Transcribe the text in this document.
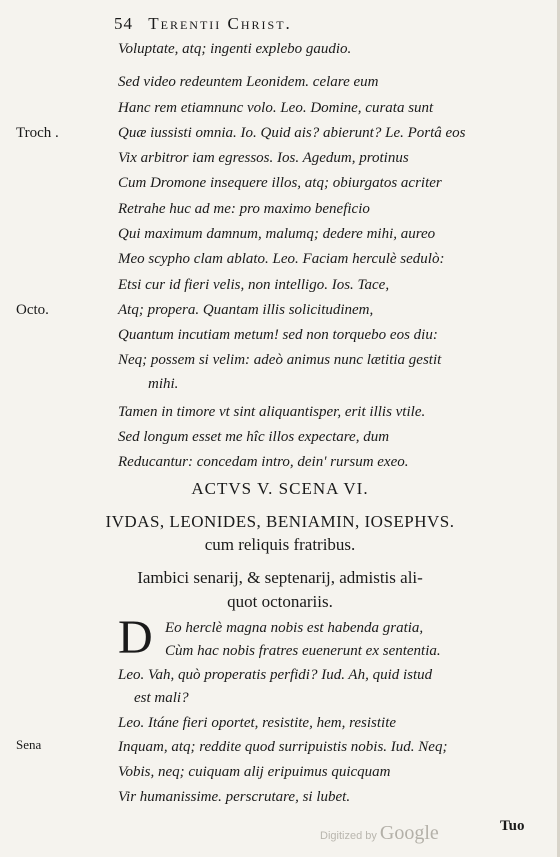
54 Terentii Christ.
Troch .
Octo.
Sena
Voluptate, atq; ingenti explebo gaudio.
Sed video redeuntem Leonidem. celare eum
Hanc rem etiamnunc volo. Leo. Domine, curata sunt
Quæ iussisti omnia. Io. Quid ais? abierunt? Le. Portâ eos
Vix arbitror iam egressos. Ios. Agedum, protinus
Cum Dromone insequere illos, atq; obiurgatos acriter
Retrahe huc ad me: pro maximo beneficio
Qui maximum damnum, malumq; dedere mihi, aureo
Meo scypho clam ablato. Leo. Faciam herculè sedulò:
Etsi cur id fieri velis, non intelligo. Ios. Tace,
Atq; propera. Quantam illis solicitudinem,
Quantum incutiam metum! sed non torquebo eos diu:
Neq; possem si velim: adeò animus nunc lætitia gestit
mihi.
Tamen in timore vt sint aliquantisper, erit illis vtile.
Sed longum esset me hîc illos expectare, dum
Reducantur: concedam intro, dein' rursum exeo.
ACTVS V. SCENA VI.
IVDAS, LEONIDES, BENIAMIN, IOSEPHVS.
cum reliquis fratribus.
Iambici senarij, & septenarij, admistis ali-
quot octonariis.
D Eo herclè magna nobis est habenda gratia,
Cùm hac nobis fratres euenerunt ex sententia.
Leo. Vah, quò properatis perfidi? Iud. Ah, quid istud
est mali?
Leo. Itáne fieri oportet, resistite, hem, resistite
Inquam, atq; reddite quod surripuistis nobis. Iud. Neq;
Vobis, neq; cuiquam alij eripuimus quicquam
Vir humanissime. perscrutare, si lubet.
Digitized by Google	Tuo
